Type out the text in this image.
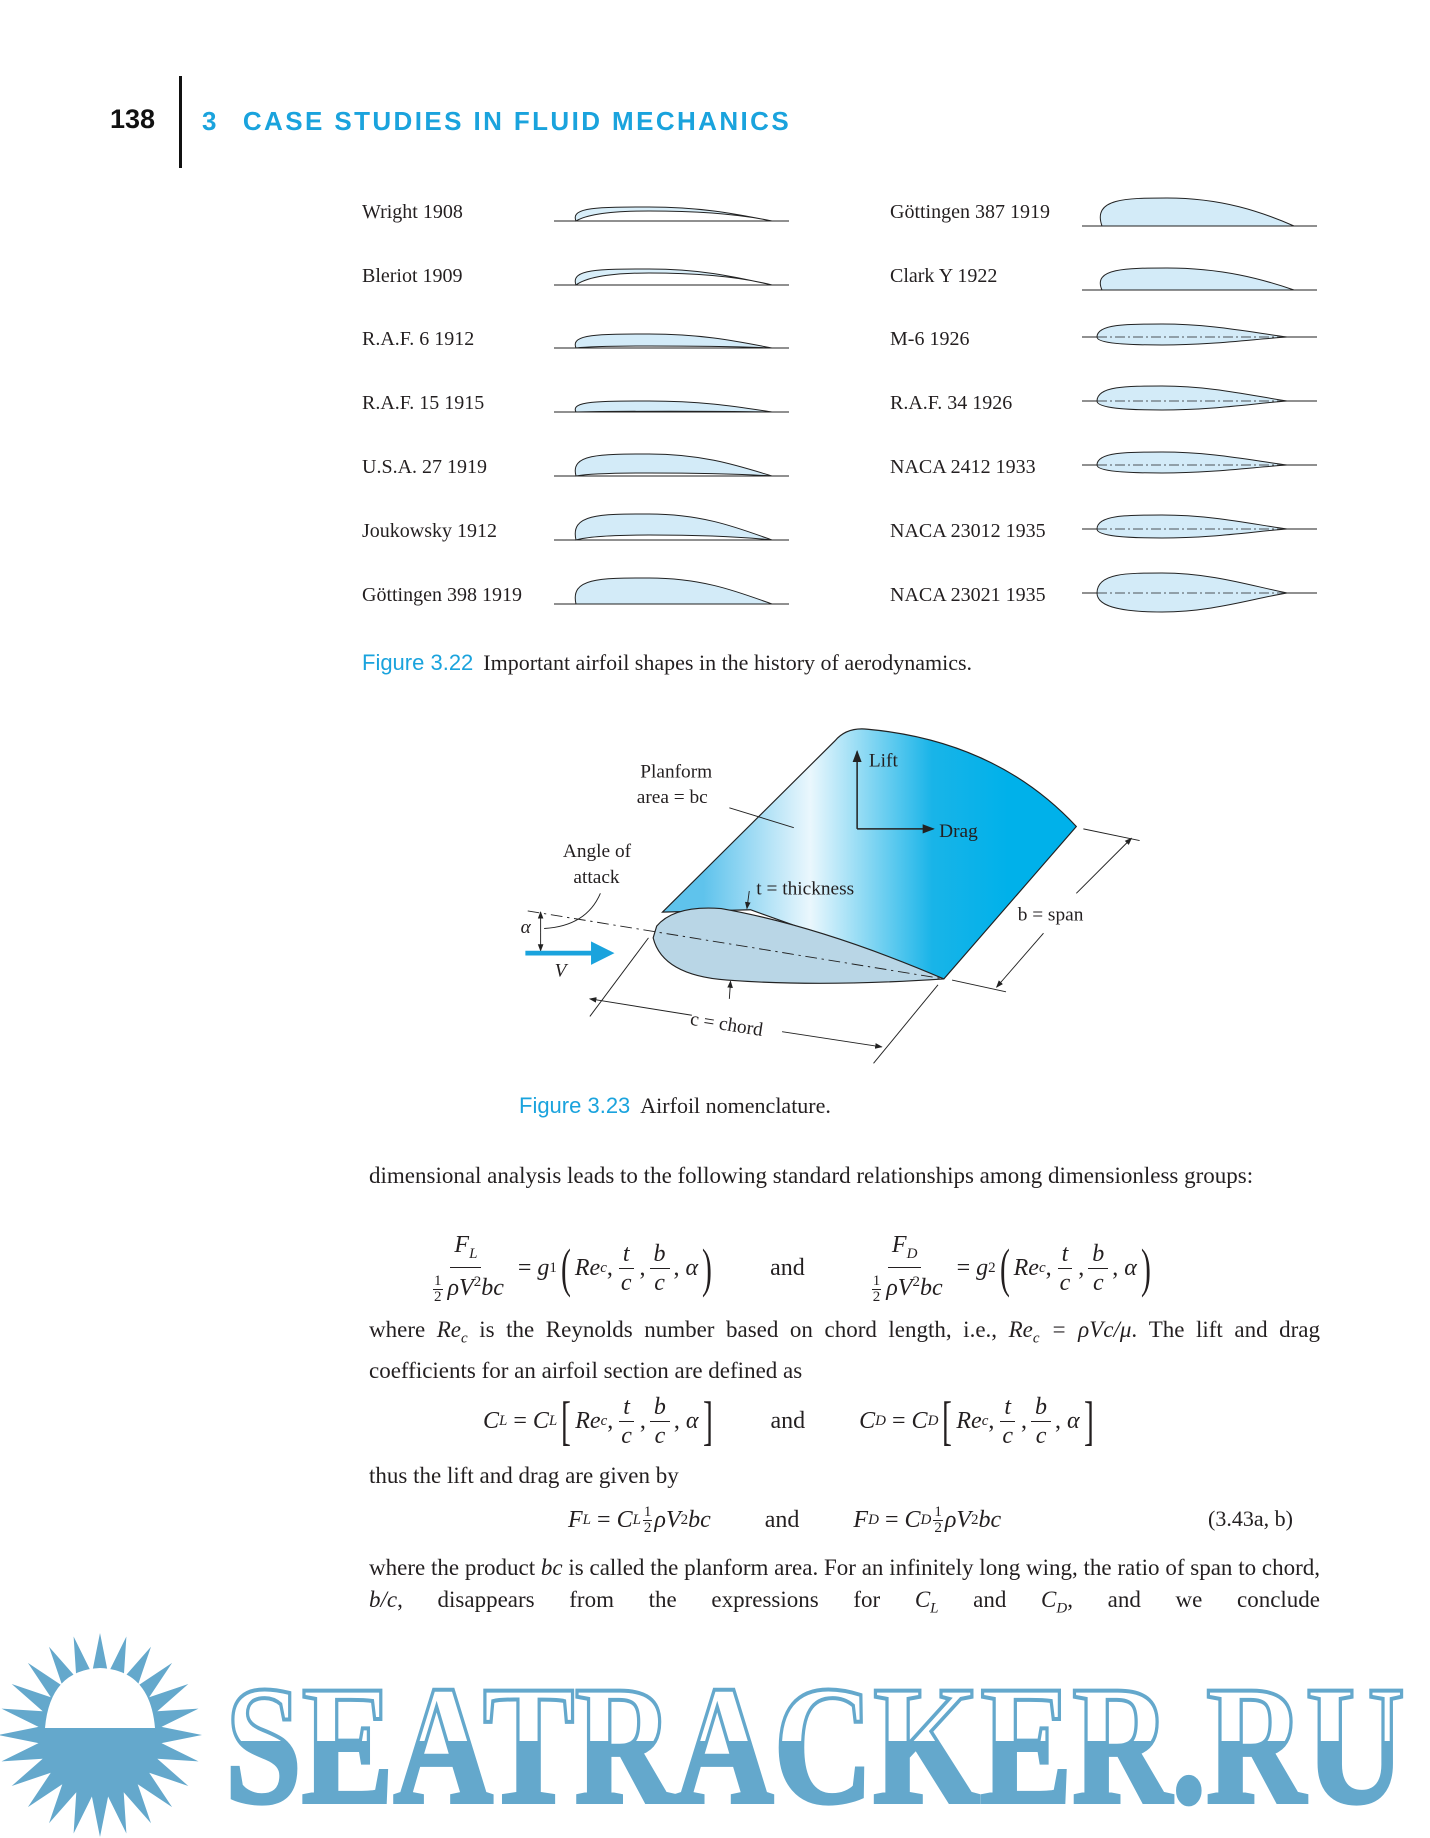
138 3 CASE STUDIES IN FLUID MECHANICS
Wright 1908
Bleriot 1909
R.A.F. 6 1912
R.A.F. 15 1915
U.S.A. 27 1919
Joukowsky 1912
Göttingen 398 1919
Göttingen 387 1919
Clark Y 1922
M-6 1926
R.A.F. 34 1926
NACA 2412 1933
NACA 23012 1935
NACA 23021 1935
Figure 3.22 Important airfoil shapes in the history of aerodynamics.
Planform
area = bc
Lift
Drag
Angle of
attack
α
V
t = thickness
b = span
c = chord
Figure 3.23 Airfoil nomenclature.
dimensional analysis leads to the following standard relationships among dimensionless groups:
$\frac{F_L}{\frac{1}{2} \rho V^2bc}$
=
g 1 ( Re c , $\frac{t}{c}$ , $\frac{b}{c}$ ,
α ) and $\frac{F_D}{\frac{1}{2} \rho V^2bc}$
=
g 2 ( Re c , $\frac{t}{c}$ , $\frac{b}{c}$ ,
α )
where $Re_c$ is the Reynolds number based on chord length, i.e., $Re_c = \rho Vc/\mu$. The lift and drag coefficients for an airfoil section are defined as
C L
=
C L [ Re c , $\frac{t}{c}$ , $\frac{b}{c}$ ,
α ] and C D
=
C D [ Re c , $\frac{t}{c}$ , $\frac{b}{c}$ ,
α ]
thus the lift and drag are given by
F L
=
C L $\frac{1}{2}$ ρV 2 bc and F D
=
C D $\frac{1}{2}$ ρV 2 bc	(3.43a, b)
where the product bc is called the planform area. For an infinitely long wing, the ratio of span to chord, b/c, disappears from the expressions for $C_L$ and $C_D$, and we conclude
SEATRACKER.RU
